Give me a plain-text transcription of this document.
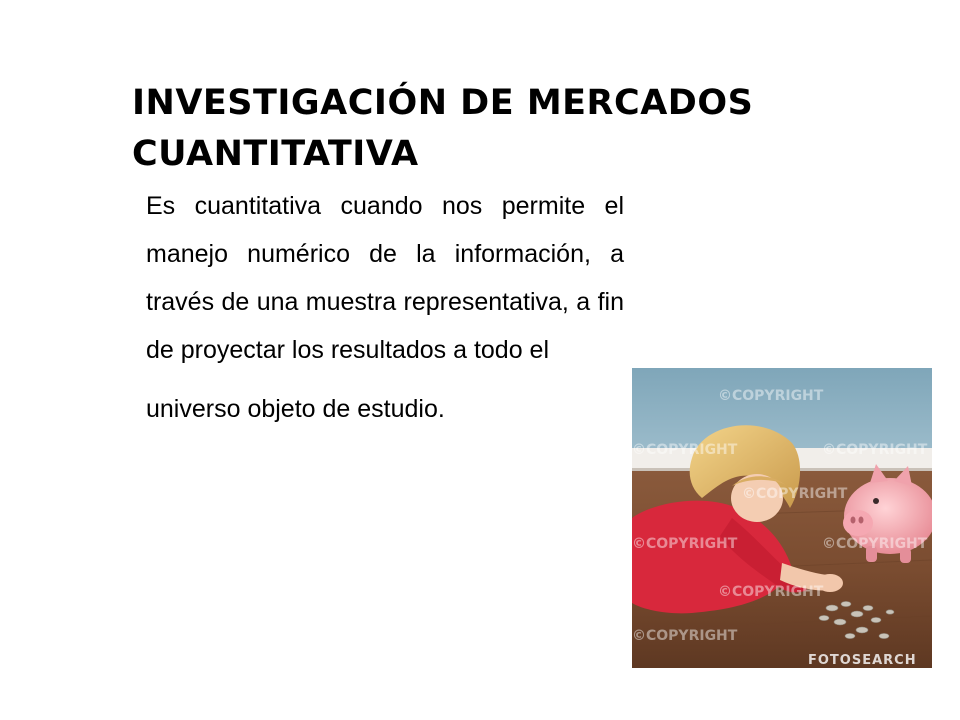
INVESTIGACIÓN DE MERCADOS CUANTITATIVA
Es cuantitativa cuando nos permite el manejo numérico de la información, a través de una muestra representativa, a fin de proyectar los resultados a todo el
universo objeto de estudio.	©COPYRIGHT
©COPYRIGHT	©COPYRIGHT
©COPYRIGHT
©COPYRIGHT	©COPYRIGHT
©COPYRIGHT
©COPYRIGHT
FOTOSEARCH
